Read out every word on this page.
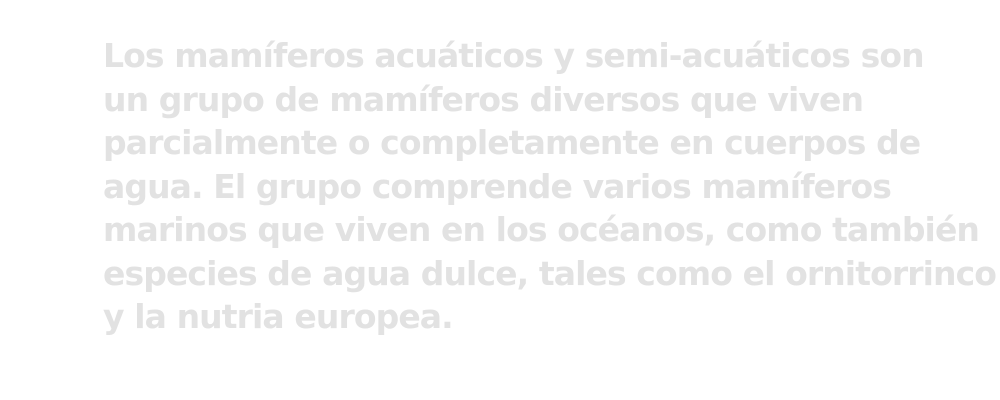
Los mamíferos acuáticos y semi-acuáticos son
un grupo de mamíferos diversos que viven
parcialmente o completamente en cuerpos de
agua. El grupo comprende varios mamíferos
marinos que viven en los océanos, como también
especies de agua dulce, tales como el ornitorrinco
y la nutria europea.
